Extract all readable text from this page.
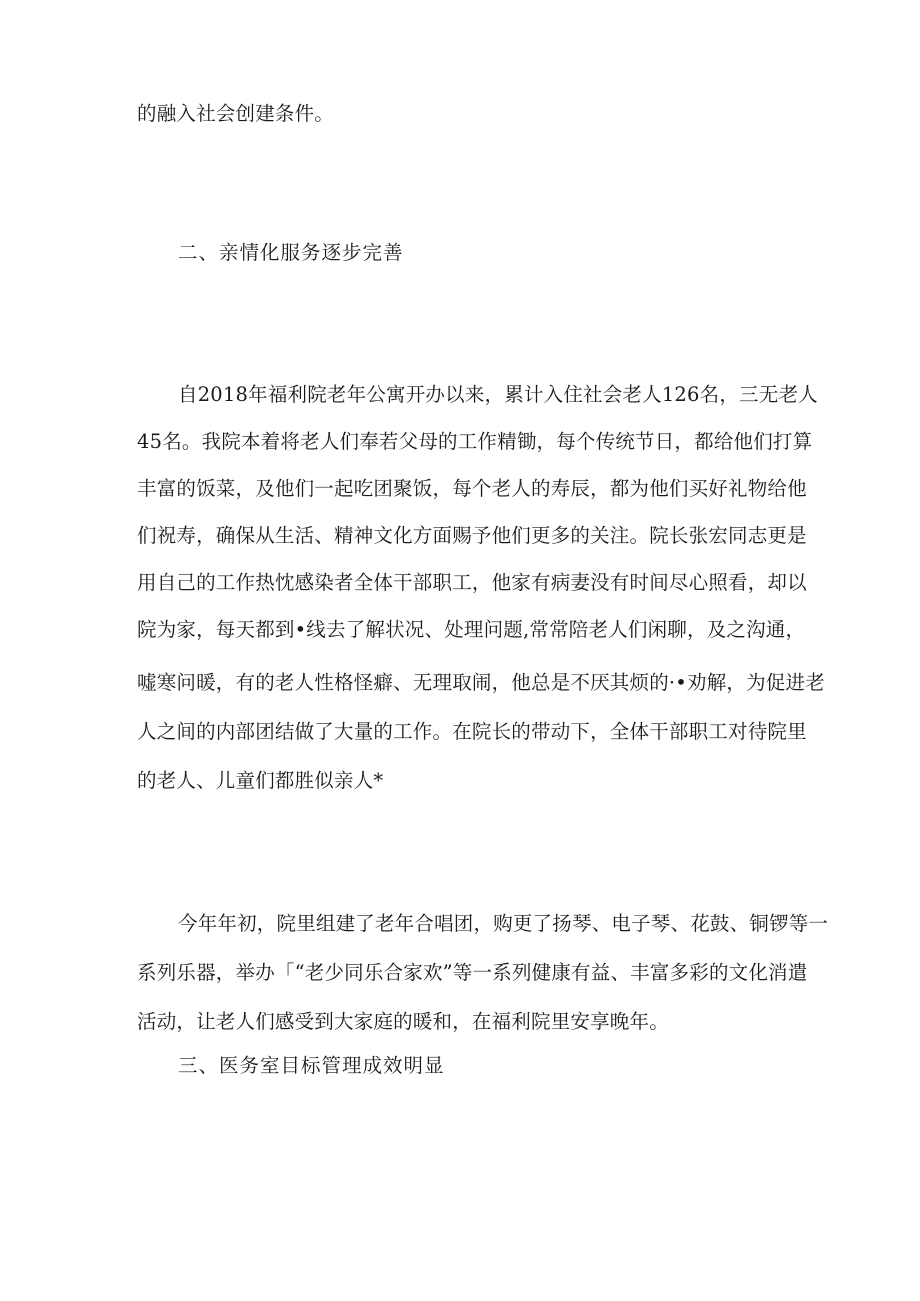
的融入社会创建条件。
二、亲情化服务逐步完善
自2018年福利院老年公寓开办以来，累计入住社会老人126名，三无老人
45名。我院本着将老人们奉若父母的工作精锄，每个传统节日，都给他们打算
丰富的饭菜，及他们一起吃团聚饭，每个老人的寿辰，都为他们买好礼物给他
们祝寿，确保从生活、精神文化方面赐予他们更多的关注。院长张宏同志更是
用自己的工作热忱感染者全体干部职工，他家有病妻没有时间尽心照看，却以
院为家，每天都到•线去了解状况、处理问题,常常陪老人们闲聊，及之沟通，
嘘寒问暖，有的老人性格怪癖、无理取闹，他总是不厌其烦的·•劝解，为促进老
人之间的内部团结做了大量的工作。在院长的带动下，全体干部职工对待院里
的老人、儿童们都胜似亲人*
今年年初，院里组建了老年合唱团，购更了扬琴、电子琴、花鼓、铜锣等一
系列乐器，举办「“老少同乐合家欢”等一系列健康有益、丰富多彩的文化消遣
活动，让老人们感受到大家庭的暖和，在福利院里安享晚年。
三、医务室目标管理成效明显
